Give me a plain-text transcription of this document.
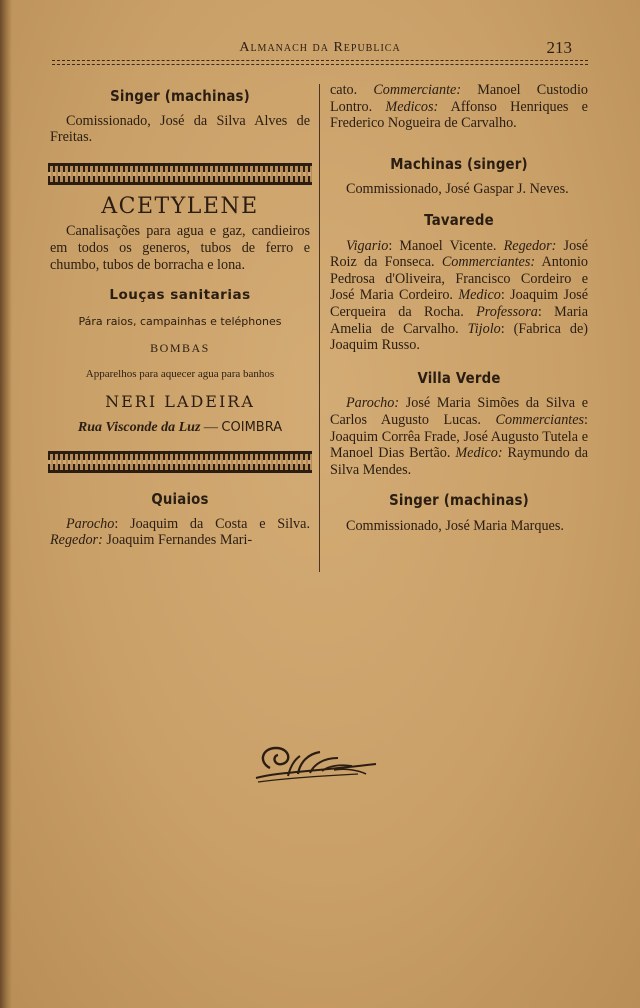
Almanach da Republica	213
Singer (machinas)

Comissionado, José da Silva Alves de Freitas.

ACETYLENE

Canalisações para agua e gaz, candieiros em todos os generos, tubos de ferro e chumbo, tubos de borracha e lona.

Louças sanitarias
Pára raios, campainhas e teléphones
BOMBAS
Apparelhos para aquecer agua para banhos
NERI LADEIRA
Rua Visconde da Luz — COIMBRA
Quiaios

Parocho: Joaquim da Costa e Silva. Regedor: Joaquim Fernandes Mari-

cato. Commerciante: Manoel Custodio Lontro. Medicos: Affonso Henriques e Frederico Nogueira de Carvalho.

Machinas (singer)

Commissionado, José Gaspar J. Neves.

Tavarede

Vigario: Manoel Vicente. Regedor: José Roiz da Fonseca. Commerciantes: Antonio Pedrosa d'Oliveira, Francisco Cordeiro e José Maria Cordeiro. Medico: Joaquim José Cerqueira da Rocha. Professora: Maria Amelia de Carvalho. Tijolo: (Fabrica de) Joaquim Russo.

Villa Verde

Parocho: José Maria Simões da Silva e Carlos Augusto Lucas. Commerciantes: Joaquim Corrêa Frade, José Augusto Tutela e Manoel Dias Bertão. Medico: Raymundo da Silva Mendes.

Singer (machinas)

Commissionado, José Maria Marques.
